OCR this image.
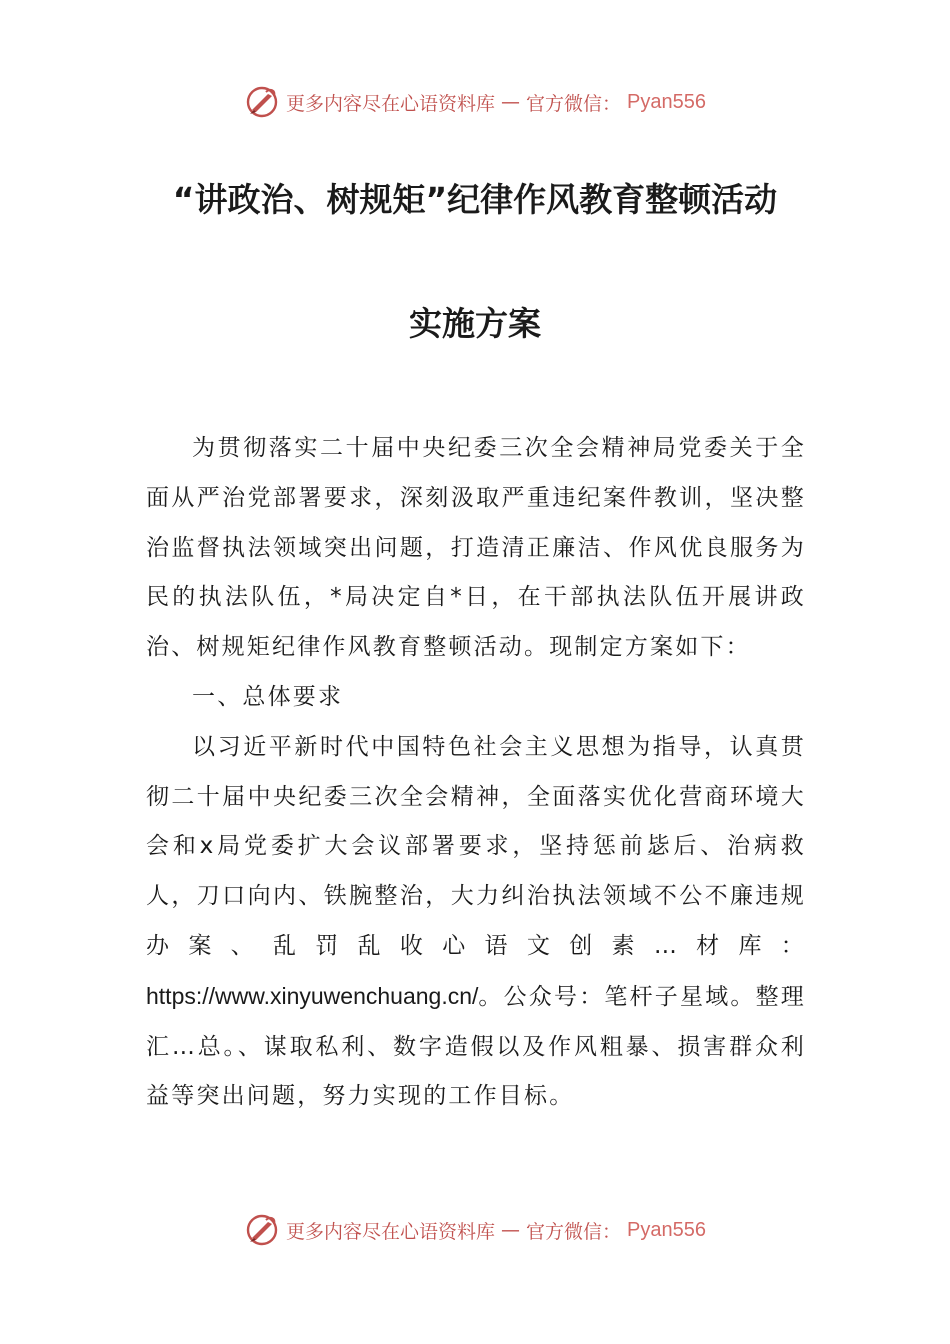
更多内容尽在心语资料库 — 官方微信： Pyan556
“讲政治、树规矩”纪律作风教育整顿活动
实施方案

为贯彻落实二十届中央纪委三次全会精神局党委关于全面从严治党部署要求，深刻汲取严重违纪案件教训，坚决整治监督执法领域突出问题，打造清正廉洁、作风优良服务为民的执法队伍，*局决定自*日，在干部执法队伍开展讲政治、树规矩纪律作风教育整顿活动。现制定方案如下：

一、总体要求

以习近平新时代中国特色社会主义思想为指导，认真贯彻二十届中央纪委三次全会精神，全面落实优化营商环境大会和x局党委扩大会议部署要求，坚持惩前毖后、治病救人，刀口向内、铁腕整治，大力纠治执法领域不公不廉违规办案、乱罚乱收心语文创素…材库：https://www.xinyuwenchuang.cn/。公众号：笔杆子星域。整理汇…总。、谋取私利、数字造假以及作风粗暴、损害群众利益等突出问题，努力实现的工作目标。

更多内容尽在心语资料库 — 官方微信： Pyan556
